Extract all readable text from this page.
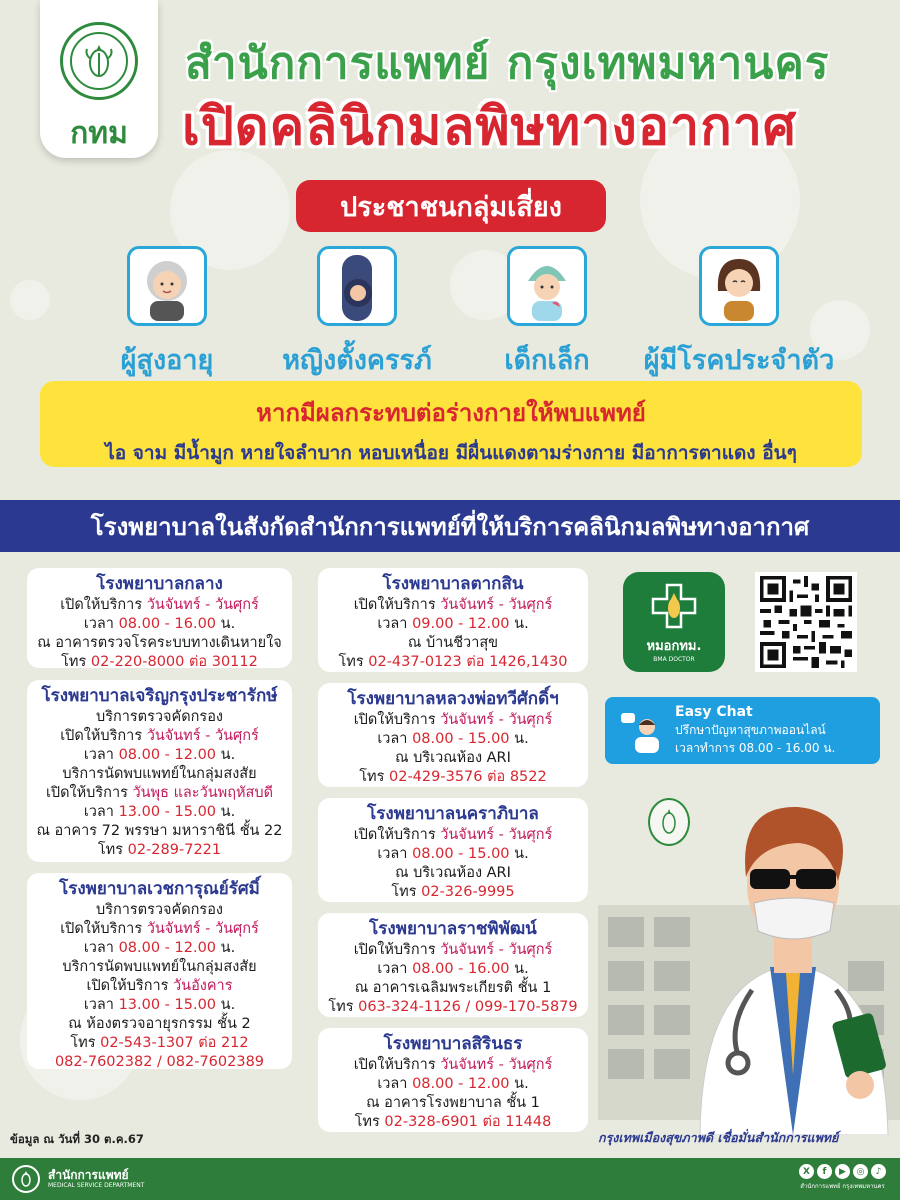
กทม
สำนักการแพทย์ กรุงเทพมหานคร
เปิดคลินิกมลพิษทางอากาศ
ประชาชนกลุ่มเสี่ยง
ผู้สูงอายุ	หญิงตั้งครรภ์	เด็กเล็ก	ผู้มีโรคประจำตัว
หากมีผลกระทบต่อร่างกายให้พบแพทย์
ไอ จาม มีน้ำมูก หายใจลำบาก หอบเหนื่อย มีผื่นแดงตามร่างกาย มีอาการตาแดง อื่นๆ
โรงพยาบาลในสังกัดสำนักการแพทย์ที่ให้บริการคลินิกมลพิษทางอากาศ
โรงพยาบาลกลาง
เปิดให้บริการ วันจันทร์ - วันศุกร์
เวลา 08.00 - 16.00 น.
ณ อาคารตรวจโรคระบบทางเดินหายใจ
โทร 02-220-8000 ต่อ 30112
โรงพยาบาลเจริญกรุงประชารักษ์
บริการตรวจคัดกรอง
เปิดให้บริการ วันจันทร์ - วันศุกร์
เวลา 08.00 - 12.00 น.
บริการนัดพบแพทย์ในกลุ่มสงสัย
เปิดให้บริการ วันพุธ และวันพฤหัสบดี
เวลา 13.00 - 15.00 น.
ณ อาคาร 72 พรรษา มหาราชินี ชั้น 22
โทร 02-289-7221
โรงพยาบาลเวชการุณย์รัศมิ์
บริการตรวจคัดกรอง
เปิดให้บริการ วันจันทร์ - วันศุกร์
เวลา 08.00 - 12.00 น.
บริการนัดพบแพทย์ในกลุ่มสงสัย
เปิดให้บริการ วันอังคาร
เวลา 13.00 - 15.00 น.
ณ ห้องตรวจอายุรกรรม ชั้น 2
โทร 02-543-1307 ต่อ 212
082-7602382 / 082-7602389
โรงพยาบาลตากสิน
เปิดให้บริการ วันจันทร์ - วันศุกร์
เวลา 09.00 - 12.00 น.
ณ บ้านชีวาสุข
โทร 02-437-0123 ต่อ 1426,1430
โรงพยาบาลหลวงพ่อทวีศักดิ์ฯ
เปิดให้บริการ วันจันทร์ - วันศุกร์
เวลา 08.00 - 15.00 น.
ณ บริเวณห้อง ARI
โทร 02-429-3576 ต่อ 8522
โรงพยาบาลนคราภิบาล
เปิดให้บริการ วันจันทร์ - วันศุกร์
เวลา 08.00 - 15.00 น.
ณ บริเวณห้อง ARI
โทร 02-326-9995
โรงพยาบาลราชพิพัฒน์
เปิดให้บริการ วันจันทร์ - วันศุกร์
เวลา 08.00 - 16.00 น.
ณ อาคารเฉลิมพระเกียรติ ชั้น 1
โทร 063-324-1126 / 099-170-5879
โรงพยาบาลสิรินธร
เปิดให้บริการ วันจันทร์ - วันศุกร์
เวลา 08.00 - 12.00 น.
ณ อาคารโรงพยาบาล ชั้น 1
โทร 02-328-6901 ต่อ 11448
หมอกทม.
BMA DOCTOR
Easy Chat
ปรึกษาปัญหาสุขภาพออนไลน์
เวลาทำการ 08.00 - 16.00 น.
ข้อมูล ณ วันที่ 30 ต.ค.67	กรุงเทพเมืองสุขภาพดี เชื่อมั่นสำนักการแพทย์
สำนักการแพทย์
MEDICAL SERVICE DEPARTMENT
X	f	▶	◎	♪
สำนักการแพทย์ กรุงเทพมหานคร
